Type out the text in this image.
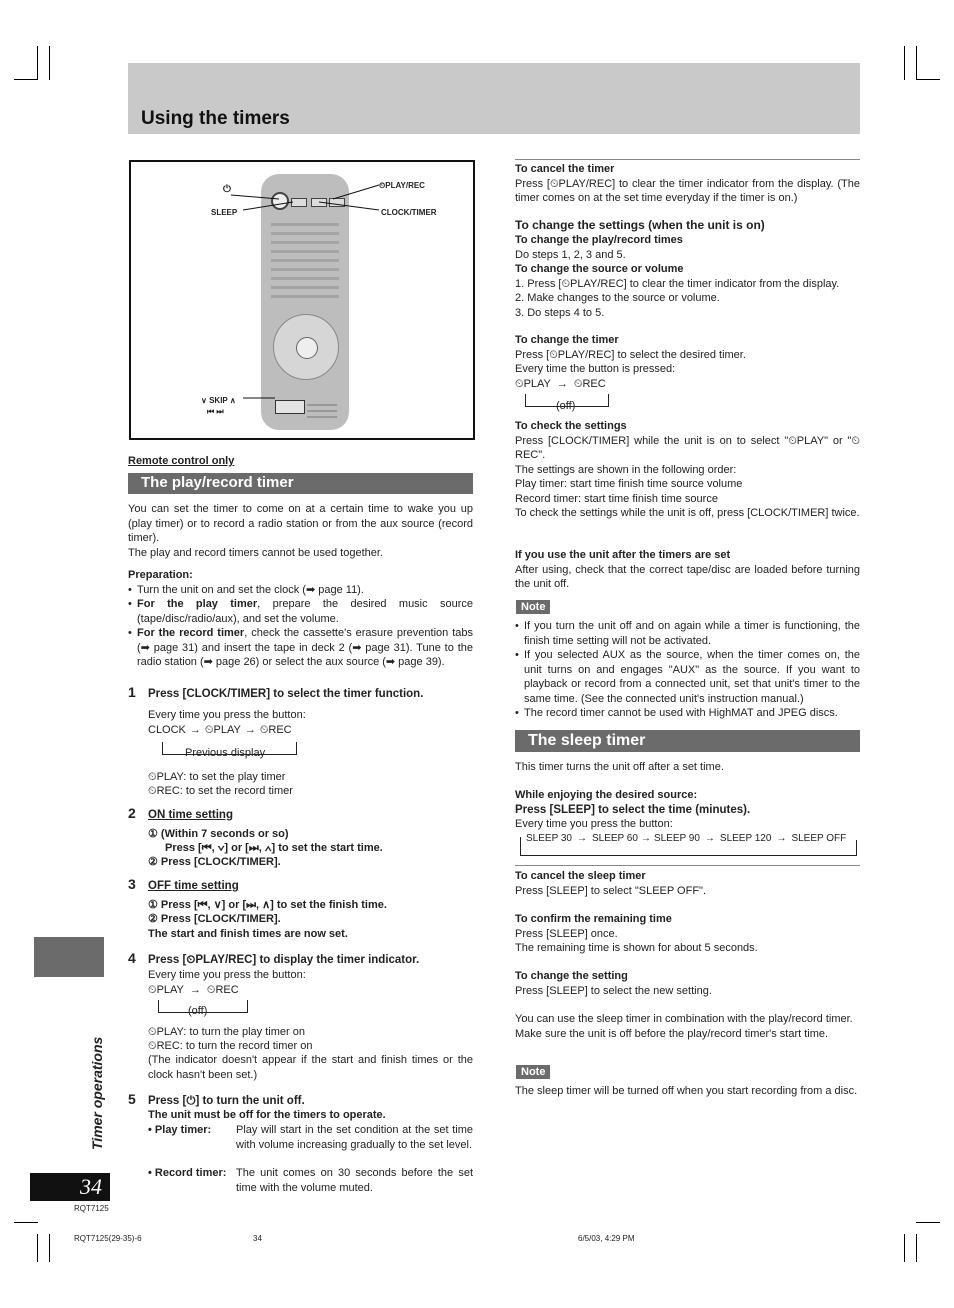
Using the timers
⏻	⏲PLAY/REC
SLEEP	CLOCK/TIMER
∨ SKIP ∧
⏮ ⏭
Remote control only
The play/record timer

You can set the timer to come on at a certain time to wake you up (play timer) or to record a radio station or from the aux source (record timer).

The play and record timers cannot be used together.

Preparation:

• Turn the unit on and set the clock (➡ page 11).

• For the play timer, prepare the desired music source (tape/disc/radio/aux), and set the volume.

• For the record timer, check the cassette's erasure prevention tabs (➡ page 31) and insert the tape in deck 2 (➡ page 31). Tune to the radio station (➡ page 26) or select the aux source (➡ page 39).

1 Press [CLOCK/TIMER] to select the timer function.
Every time you press the button:
CLOCK → ⏲PLAY → ⏲REC
Previous display
⏲PLAY: to set the play timer
⏲REC: to set the record timer
2 ON time setting
① (Within 7 seconds or so)
Press [⏮, ∨] or [⏭, ∧] to set the start time.
② Press [CLOCK/TIMER].
3 OFF time setting
① Press [⏮, ∨] or [⏭, ∧] to set the finish time.
② Press [CLOCK/TIMER].
The start and finish times are now set.
4 Press [⏲PLAY/REC] to display the timer indicator.
Every time you press the button:
⏲PLAY → ⏲REC
(off)
⏲PLAY: to turn the play timer on
⏲REC: to turn the record timer on
(The indicator doesn't appear if the start and finish times or the clock hasn't been set.)
5 Press [⏻] to turn the unit off.
The unit must be off for the timers to operate.
• Play timer: Play will start in the set condition at the set time with volume increasing gradually to the set level.
• Record timer: The unit comes on 30 seconds before the set time with the volume muted.

To cancel the timer

Press [⏲PLAY/REC] to clear the timer indicator from the display. (The timer comes on at the set time everyday if the timer is on.)

To change the settings (when the unit is on)

To change the play/record times

Do steps 1, 2, 3 and 5.

To change the source or volume

1. Press [⏲PLAY/REC] to clear the timer indicator from the display.

2. Make changes to the source or volume.

3. Do steps 4 to 5.

To change the timer

Press [⏲PLAY/REC] to select the desired timer.

Every time the button is pressed:

⏲PLAY → ⏲REC

(off)

To check the settings

Press [CLOCK/TIMER] while the unit is on to select "⏲PLAY" or "⏲REC".

The settings are shown in the following order:

Play timer: start time finish time source volume

Record timer: start time finish time source

To check the settings while the unit is off, press [CLOCK/TIMER] twice.

If you use the unit after the timers are set

After using, check that the correct tape/disc are loaded before turning the unit off.

Note

• If you turn the unit off and on again while a timer is functioning, the finish time setting will not be activated.

• If you selected AUX as the source, when the timer comes on, the unit turns on and engages "AUX" as the source. If you want to playback or record from a connected unit, set that unit's timer to the same time. (See the connected unit's instruction manual.)

• The record timer cannot be used with HighMAT and JPEG discs.

The sleep timer
This timer turns the unit off after a set time.

While enjoying the desired source:

Press [SLEEP] to select the time (minutes).

Every time you press the button:

SLEEP 30 → SLEEP 60 → SLEEP 90 → SLEEP 120 → SLEEP OFF

To cancel the sleep timer

Press [SLEEP] to select "SLEEP OFF".

To confirm the remaining time

Press [SLEEP] once.

The remaining time is shown for about 5 seconds.

To change the setting

Press [SLEEP] to select the new setting.

You can use the sleep timer in combination with the play/record timer.

Make sure the unit is off before the play/record timer's start time.

Note
The sleep timer will be turned off when you start recording from a disc.
Timer operations
34
RQT7125
RQT7125(29-35)-6	34	6/5/03, 4:29 PM
